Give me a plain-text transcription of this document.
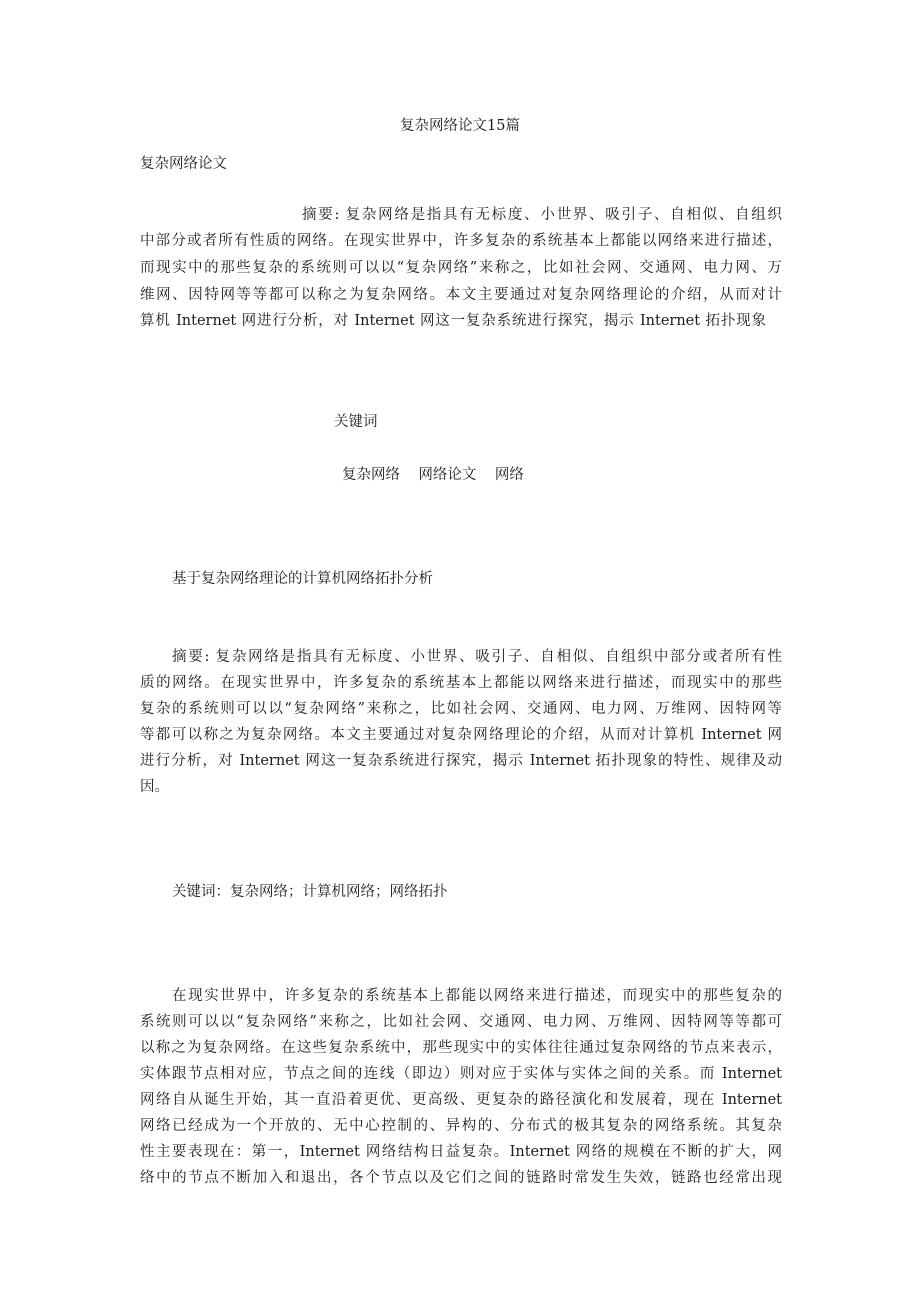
复杂网络论文15篇
复杂网络论文
摘要: 复杂网络是指具有无标度、小世界、吸引子、自相似、自组织
中部分或者所有性质的网络。在现实世界中，许多复杂的系统基本上都能以网络来进行描述，
而现实中的那些复杂的系统则可以以“复杂网络”来称之，比如社会网、交通网、电力网、万
维网、因特网等等都可以称之为复杂网络。本文主要通过对复杂网络理论的介绍，从而对计
算机 Internet 网进行分析，对 Internet 网这一复杂系统进行探究，揭示 Internet 拓扑现象
关键词
复杂网络    网络论文    网络
基于复杂网络理论的计算机网络拓扑分析
摘要: 复杂网络是指具有无标度、小世界、吸引子、自相似、自组织中部分或者所有性
质的网络。在现实世界中，许多复杂的系统基本上都能以网络来进行描述，而现实中的那些
复杂的系统则可以以“复杂网络”来称之，比如社会网、交通网、电力网、万维网、因特网等
等都可以称之为复杂网络。本文主要通过对复杂网络理论的介绍，从而对计算机 Internet 网
进行分析，对 Internet 网这一复杂系统进行探究，揭示 Internet 拓扑现象的特性、规律及动
因。
关键词：复杂网络；计算机网络；网络拓扑
在现实世界中，许多复杂的系统基本上都能以网络来进行描述，而现实中的那些复杂的
系统则可以以“复杂网络”来称之，比如社会网、交通网、电力网、万维网、因特网等等都可
以称之为复杂网络。在这些复杂系统中，那些现实中的实体往往通过复杂网络的节点来表示，
实体跟节点相对应，节点之间的连线（即边）则对应于实体与实体之间的关系。而 Internet
网络自从诞生开始，其一直沿着更优、更高级、更复杂的路径演化和发展着，现在 Internet
网络已经成为一个开放的、无中心控制的、异构的、分布式的极其复杂的网络系统。其复杂
性主要表现在：第一，Internet 网络结构日益复杂。Internet 网络的规模在不断的扩大，网
络中的节点不断加入和退出，各个节点以及它们之间的链路时常发生失效，链路也经常出现
